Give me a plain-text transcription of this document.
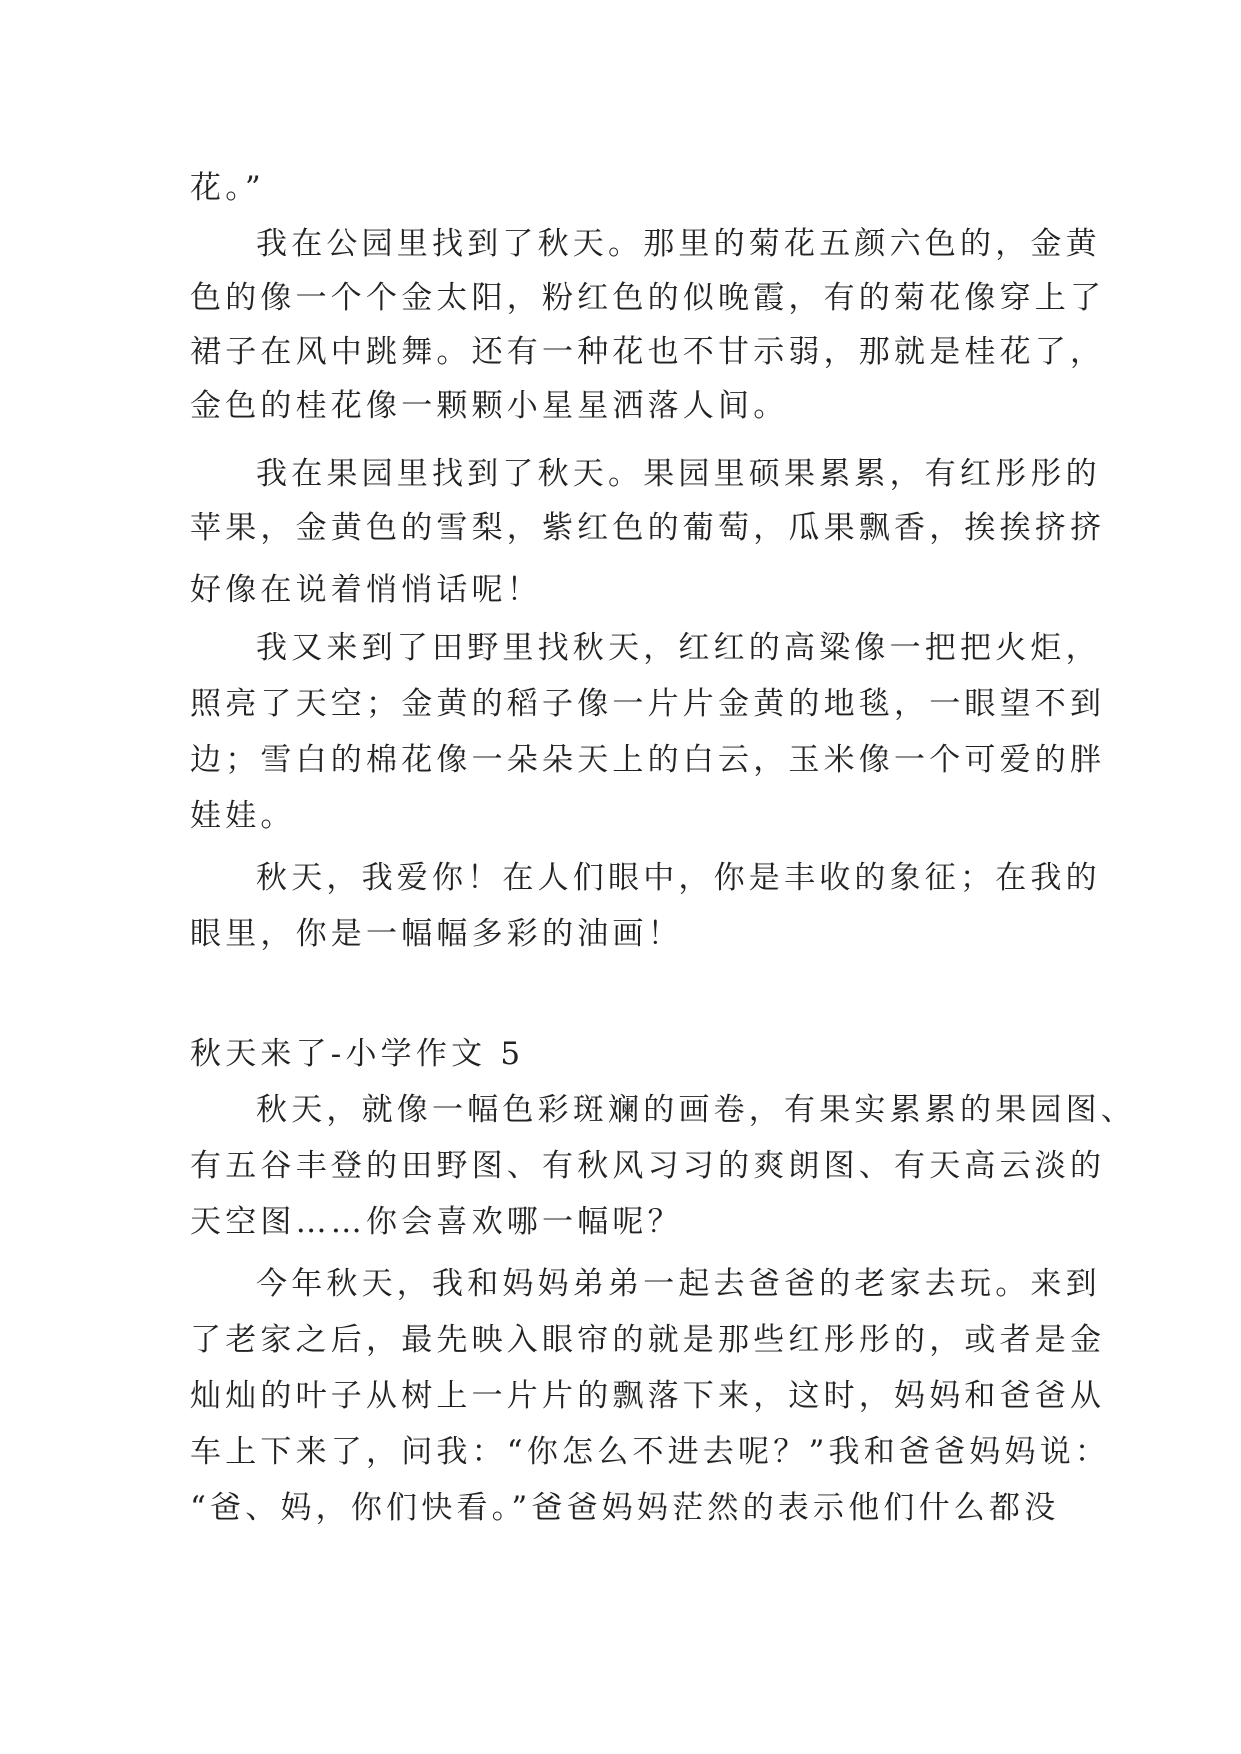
花。”
我在公园里找到了秋天。那里的菊花五颜六色的，金黄
色的像一个个金太阳，粉红色的似晚霞，有的菊花像穿上了
裙子在风中跳舞。还有一种花也不甘示弱，那就是桂花了，
金色的桂花像一颗颗小星星洒落人间。
我在果园里找到了秋天。果园里硕果累累，有红彤彤的
苹果，金黄色的雪梨，紫红色的葡萄，瓜果飘香，挨挨挤挤
好像在说着悄悄话呢！
我又来到了田野里找秋天，红红的高粱像一把把火炬，
照亮了天空；金黄的稻子像一片片金黄的地毯，一眼望不到
边；雪白的棉花像一朵朵天上的白云，玉米像一个可爱的胖
娃娃。
秋天，我爱你！在人们眼中，你是丰收的象征；在我的
眼里，你是一幅幅多彩的油画！
秋天来了-小学作文 5
秋天，就像一幅色彩斑斓的画卷，有果实累累的果园图、
有五谷丰登的田野图、有秋风习习的爽朗图、有天高云淡的
天空图……你会喜欢哪一幅呢？
今年秋天，我和妈妈弟弟一起去爸爸的老家去玩。来到
了老家之后，最先映入眼帘的就是那些红彤彤的，或者是金
灿灿的叶子从树上一片片的飘落下来，这时，妈妈和爸爸从
车上下来了，问我：“你怎么不进去呢？”我和爸爸妈妈说：
“爸、妈，你们快看。”爸爸妈妈茫然的表示他们什么都没
